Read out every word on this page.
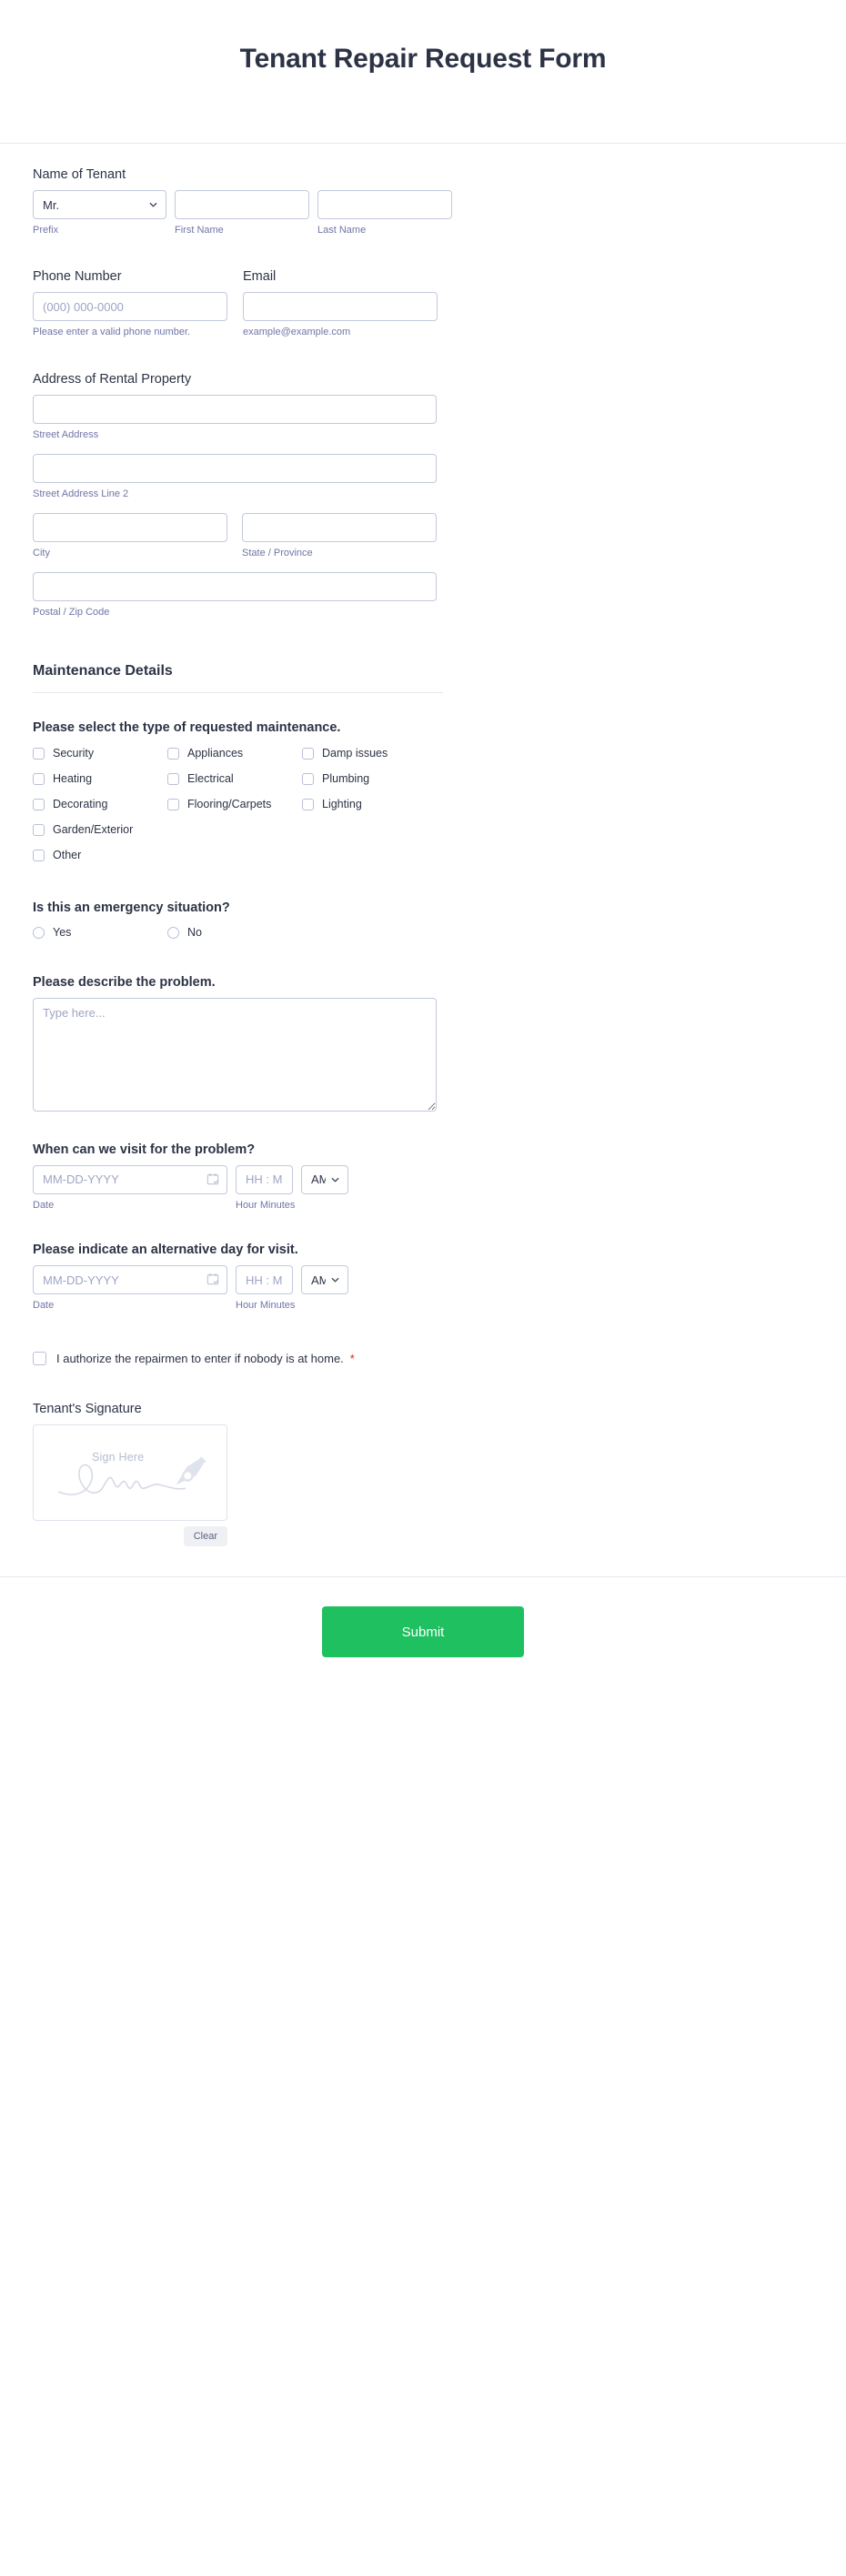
Tenant Repair Request Form
Name of Tenant
Mr.
Prefix	First Name	Last Name
Phone Number
(000) 000-0000
Please enter a valid phone number.
Email
example@example.com
Address of Rental Property
Street Address
Street Address Line 2
City	State / Province
Postal / Zip Code
Maintenance Details
Please select the type of requested maintenance.
Security
Heating
Decorating
Garden/Exterior
Other
Appliances
Electrical
Flooring/Carpets
Damp issues
Plumbing
Lighting
Is this an emergency situation?
Yes	No
Please describe the problem.
Type here...
When can we visit for the problem?
MM-DD-YYYY
HH : MM
AM
Date	Hour Minutes
Please indicate an alternative day for visit.
MM-DD-YYYY
HH : MM
AM
Date	Hour Minutes
I authorize the repairmen to enter if nobody is at home. *
Tenant's Signature
Sign Here
Clear
Submit
